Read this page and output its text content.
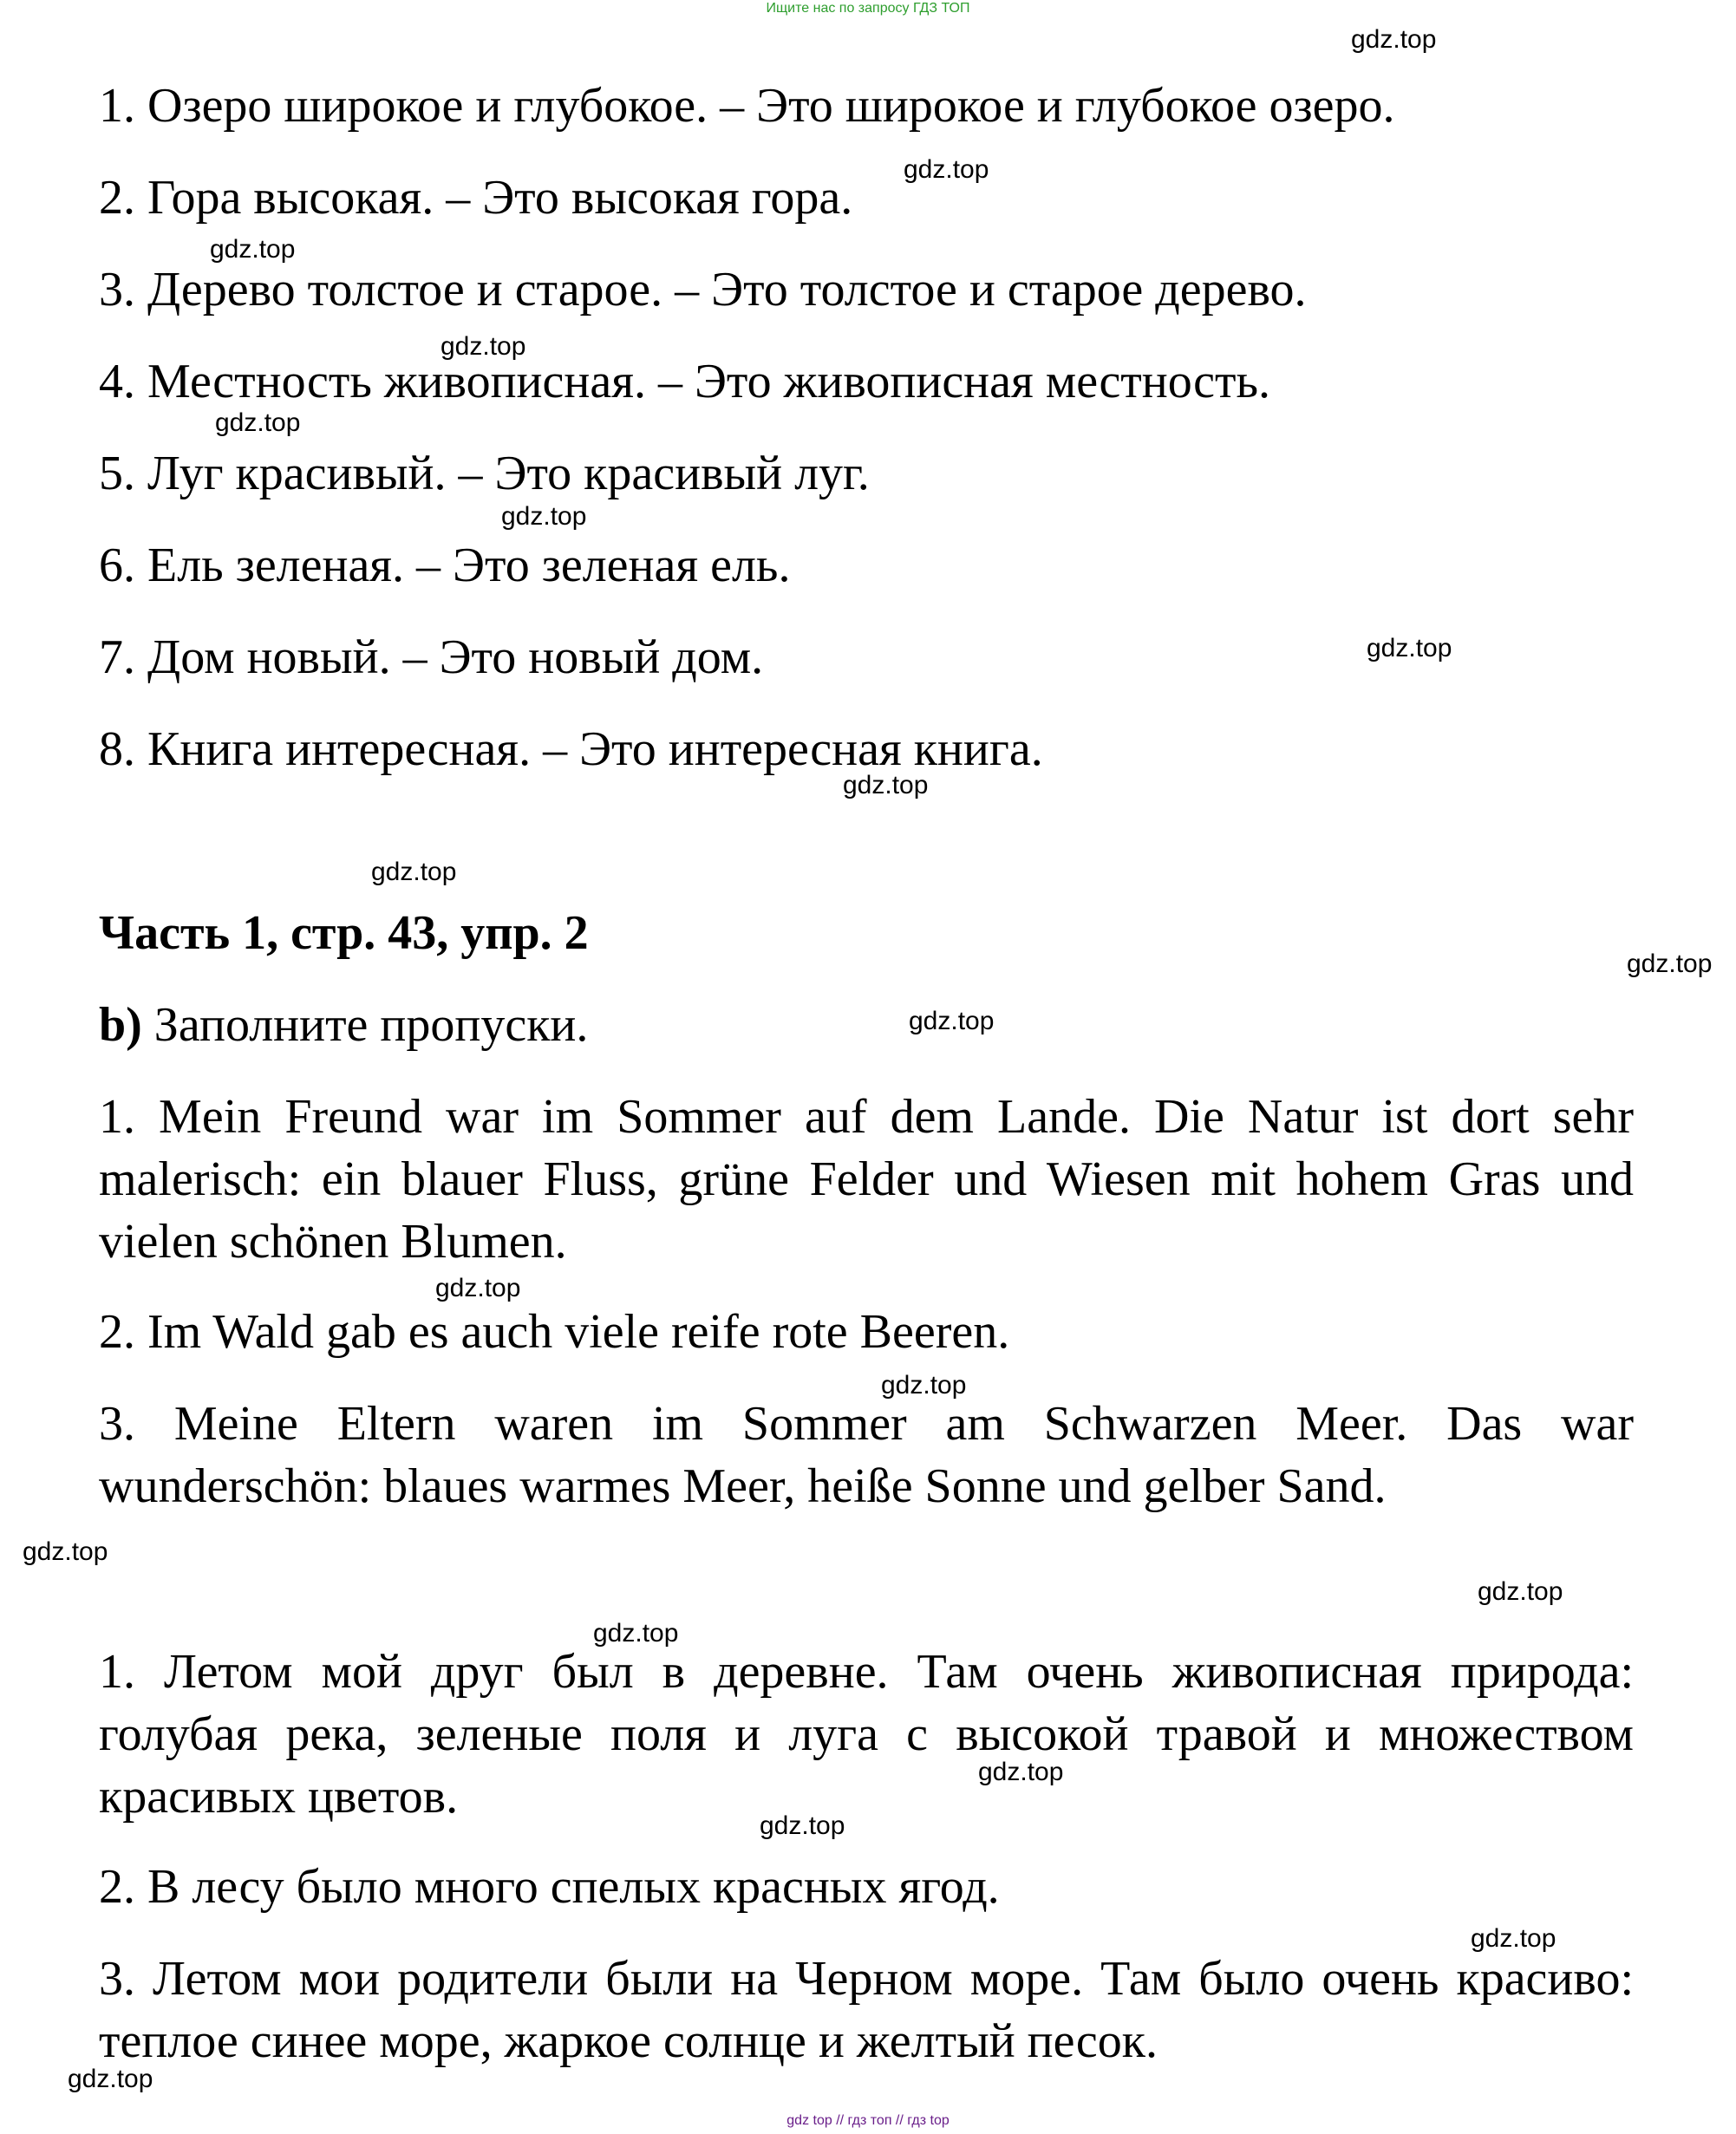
Ищите нас по запросу ГДЗ ТОП
1. Озеро широкое и глубокое. – Это широкое и глубокое озеро.
2. Гора высокая. – Это высокая гора.
3. Дерево толстое и старое. – Это толстое и старое дерево.
4. Местность живописная. – Это живописная местность.
5. Луг красивый. – Это красивый луг.
6. Ель зеленая. – Это зеленая ель.
7. Дом новый. – Это новый дом.
8. Книга интересная. – Это интересная книга.
Часть 1, стр. 43, упр. 2
b) Заполните пропуски.
1. Mein Freund war im Sommer auf dem Lande. Die Natur ist dort sehr malerisch: ein blauer Fluss, grüne Felder und Wiesen mit hohem Gras und vielen schönen Blumen.
2. Im Wald gab es auch viele reife rote Beeren.
3. Meine Eltern waren im Sommer am Schwarzen Meer. Das war wunderschön: blaues warmes Meer, heiße Sonne und gelber Sand.
1. Летом мой друг был в деревне. Там очень живописная природа: голубая река, зеленые поля и луга с высокой травой и множеством красивых цветов.
2. В лесу было много спелых красных ягод.
3. Летом мои родители были на Черном море. Там было очень красиво: теплое синее море, жаркое солнце и желтый песок.
gdz.top
gdz.top
gdz.top
gdz.top
gdz.top
gdz.top
gdz.top
gdz.top
gdz.top
gdz.top
gdz.top
gdz.top
gdz.top
gdz.top
gdz.top
gdz.top
gdz.top
gdz.top
gdz.top
gdz.top
gdz top // гдз топ // гдз top
